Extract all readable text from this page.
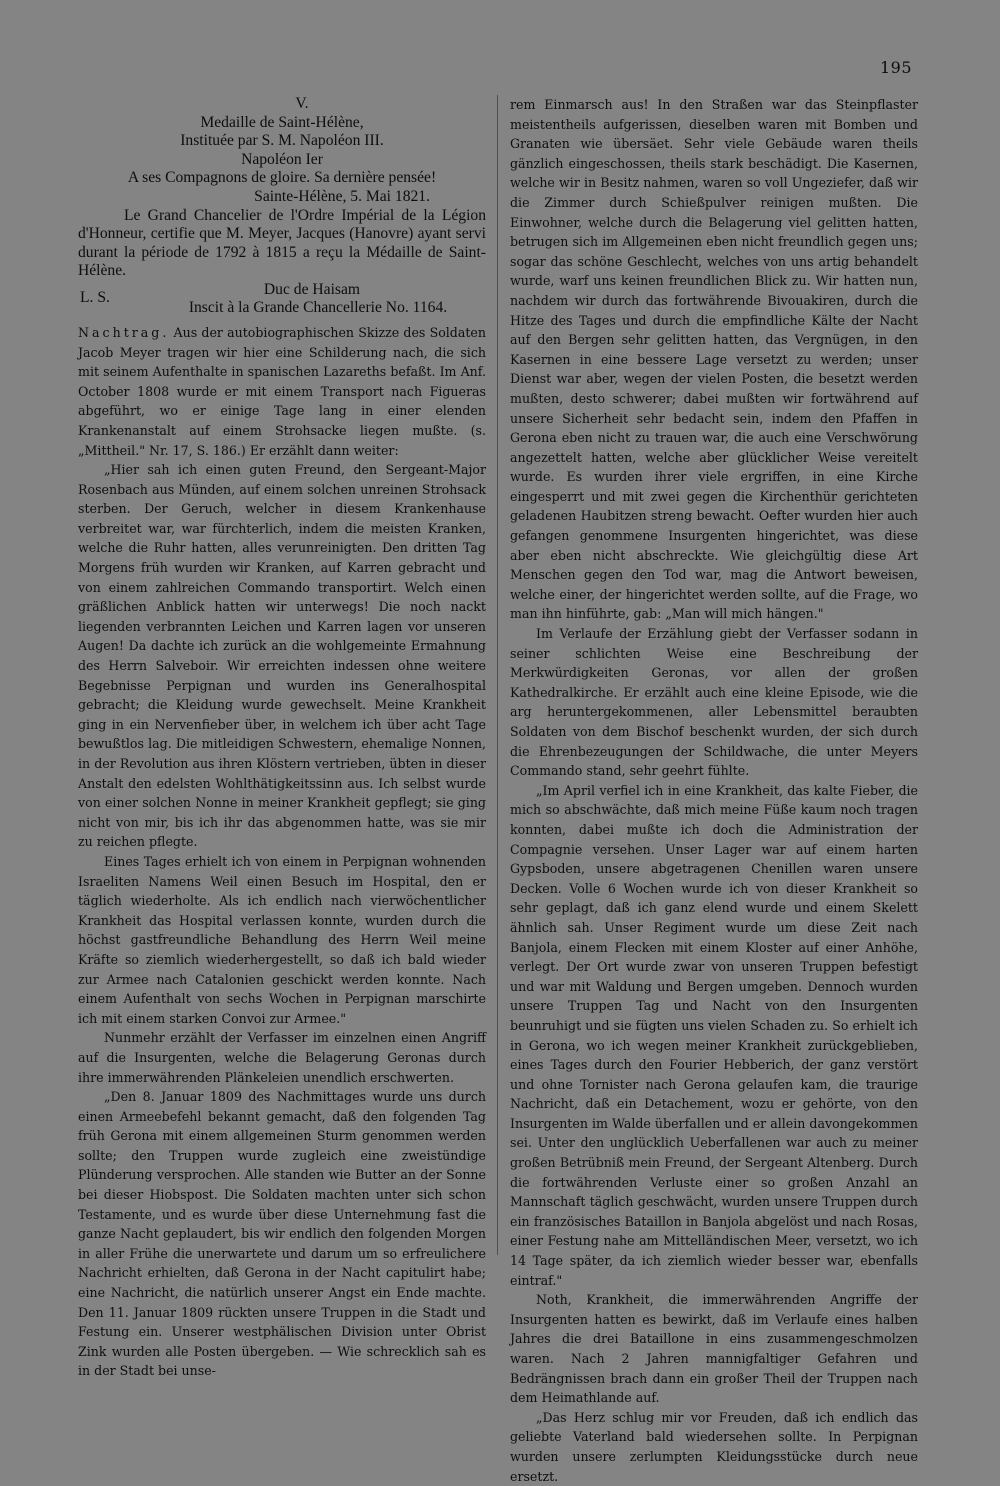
195
V.
Medaille de Saint-Hélène,
Instituée par S. M. Napoléon III.
Napoléon Ier
A ses Compagnons de gloire. Sa dernière pensée!
Sainte-Hélène, 5. Mai 1821.
Le Grand Chancelier de l'Ordre Impérial de la Légion d'Honneur, certifie que M. Meyer, Jacques (Hanovre) ayant servi durant la période de 1792 à 1815 a reçu la Médaille de Saint-Hélène.
L. S.	Duc de Haisam
Inscit à la Grande Chancellerie No. 1164.

Nachtrag. Aus der autobiographischen Skizze des Soldaten Jacob Meyer tragen wir hier eine Schilderung nach, die sich mit seinem Aufenthalte in spanischen Lazareths befaßt. Im Anf. October 1808 wurde er mit einem Transport nach Figueras abgeführt, wo er einige Tage lang in einer elenden Krankenanstalt auf einem Strohsacke liegen mußte. (s. „Mittheil." Nr. 17, S. 186.) Er erzählt dann weiter:

„Hier sah ich einen guten Freund, den Sergeant-Major Rosenbach aus Münden, auf einem solchen unreinen Strohsack sterben. Der Geruch, welcher in diesem Krankenhause verbreitet war, war fürchterlich, indem die meisten Kranken, welche die Ruhr hatten, alles verunreinigten. Den dritten Tag Morgens früh wurden wir Kranken, auf Karren gebracht und von einem zahlreichen Commando transportirt. Welch einen gräßlichen Anblick hatten wir unterwegs! Die noch nackt liegenden verbrannten Leichen und Karren lagen vor unseren Augen! Da dachte ich zurück an die wohlgemeinte Ermahnung des Herrn Salveboir. Wir erreichten indessen ohne weitere Begebnisse Perpignan und wurden ins Generalhospital gebracht; die Kleidung wurde gewechselt. Meine Krankheit ging in ein Nervenfieber über, in welchem ich über acht Tage bewußtlos lag. Die mitleidigen Schwestern, ehemalige Nonnen, in der Revolution aus ihren Klöstern vertrieben, übten in dieser Anstalt den edelsten Wohlthätigkeitssinn aus. Ich selbst wurde von einer solchen Nonne in meiner Krankheit gepflegt; sie ging nicht von mir, bis ich ihr das abgenommen hatte, was sie mir zu reichen pflegte.

Eines Tages erhielt ich von einem in Perpignan wohnenden Israeliten Namens Weil einen Besuch im Hospital, den er täglich wiederholte. Als ich endlich nach vierwöchentlicher Krankheit das Hospital verlassen konnte, wurden durch die höchst gastfreundliche Behandlung des Herrn Weil meine Kräfte so ziemlich wiederhergestellt, so daß ich bald wieder zur Armee nach Catalonien geschickt werden konnte. Nach einem Aufenthalt von sechs Wochen in Perpignan marschirte ich mit einem starken Convoi zur Armee."

Nunmehr erzählt der Verfasser im einzelnen einen Angriff auf die Insurgenten, welche die Belagerung Geronas durch ihre immerwährenden Plänkeleien unendlich erschwerten.

„Den 8. Januar 1809 des Nachmittages wurde uns durch einen Armeebefehl bekannt gemacht, daß den folgenden Tag früh Gerona mit einem allgemeinen Sturm genommen werden sollte; den Truppen wurde zugleich eine zweistündige Plünderung versprochen. Alle standen wie Butter an der Sonne bei dieser Hiobspost. Die Soldaten machten unter sich schon Testamente, und es wurde über diese Unternehmung fast die ganze Nacht geplaudert, bis wir endlich den folgenden Morgen in aller Frühe die unerwartete und darum um so erfreulichere Nachricht erhielten, daß Gerona in der Nacht capitulirt habe; eine Nachricht, die natürlich unserer Angst ein Ende machte. Den 11. Januar 1809 rückten unsere Truppen in die Stadt und Festung ein. Unserer westphälischen Division unter Obrist Zink wurden alle Posten übergeben. — Wie schrecklich sah es in der Stadt bei unse-

rem Einmarsch aus! In den Straßen war das Steinpflaster meistentheils aufgerissen, dieselben waren mit Bomben und Granaten wie übersäet. Sehr viele Gebäude waren theils gänzlich eingeschossen, theils stark beschädigt. Die Kasernen, welche wir in Besitz nahmen, waren so voll Ungeziefer, daß wir die Zimmer durch Schießpulver reinigen mußten. Die Einwohner, welche durch die Belagerung viel gelitten hatten, betrugen sich im Allgemeinen eben nicht freundlich gegen uns; sogar das schöne Geschlecht, welches von uns artig behandelt wurde, warf uns keinen freundlichen Blick zu. Wir hatten nun, nachdem wir durch das fortwährende Bivouakiren, durch die Hitze des Tages und durch die empfindliche Kälte der Nacht auf den Bergen sehr gelitten hatten, das Vergnügen, in den Kasernen in eine bessere Lage versetzt zu werden; unser Dienst war aber, wegen der vielen Posten, die besetzt werden mußten, desto schwerer; dabei mußten wir fortwährend auf unsere Sicherheit sehr bedacht sein, indem den Pfaffen in Gerona eben nicht zu trauen war, die auch eine Verschwörung angezettelt hatten, welche aber glücklicher Weise vereitelt wurde. Es wurden ihrer viele ergriffen, in eine Kirche eingesperrt und mit zwei gegen die Kirchenthür gerichteten geladenen Haubitzen streng bewacht. Oefter wurden hier auch gefangen genommene Insurgenten hingerichtet, was diese aber eben nicht abschreckte. Wie gleichgültig diese Art Menschen gegen den Tod war, mag die Antwort beweisen, welche einer, der hingerichtet werden sollte, auf die Frage, wo man ihn hinführte, gab: „Man will mich hängen."

Im Verlaufe der Erzählung giebt der Verfasser sodann in seiner schlichten Weise eine Beschreibung der Merkwürdigkeiten Geronas, vor allen der großen Kathedralkirche. Er erzählt auch eine kleine Episode, wie die arg heruntergekommenen, aller Lebensmittel beraubten Soldaten von dem Bischof beschenkt wurden, der sich durch die Ehrenbezeugungen der Schildwache, die unter Meyers Commando stand, sehr geehrt fühlte.

„Im April verfiel ich in eine Krankheit, das kalte Fieber, die mich so abschwächte, daß mich meine Füße kaum noch tragen konnten, dabei mußte ich doch die Administration der Compagnie versehen. Unser Lager war auf einem harten Gypsboden, unsere abgetragenen Chenillen waren unsere Decken. Volle 6 Wochen wurde ich von dieser Krankheit so sehr geplagt, daß ich ganz elend wurde und einem Skelett ähnlich sah. Unser Regiment wurde um diese Zeit nach Banjola, einem Flecken mit einem Kloster auf einer Anhöhe, verlegt. Der Ort wurde zwar von unseren Truppen befestigt und war mit Waldung und Bergen umgeben. Dennoch wurden unsere Truppen Tag und Nacht von den Insurgenten beunruhigt und sie fügten uns vielen Schaden zu. So erhielt ich in Gerona, wo ich wegen meiner Krankheit zurückgeblieben, eines Tages durch den Fourier Hebberich, der ganz verstört und ohne Tornister nach Gerona gelaufen kam, die traurige Nachricht, daß ein Detachement, wozu er gehörte, von den Insurgenten im Walde überfallen und er allein davongekommen sei. Unter den unglücklich Ueberfallenen war auch zu meiner großen Betrübniß mein Freund, der Sergeant Altenberg. Durch die fortwährenden Verluste einer so großen Anzahl an Mannschaft täglich geschwächt, wurden unsere Truppen durch ein französisches Bataillon in Banjola abgelöst und nach Rosas, einer Festung nahe am Mittelländischen Meer, versetzt, wo ich 14 Tage später, da ich ziemlich wieder besser war, ebenfalls eintraf."

Noth, Krankheit, die immerwährenden Angriffe der Insurgenten hatten es bewirkt, daß im Verlaufe eines halben Jahres die drei Bataillone in eins zusammengeschmolzen waren. Nach 2 Jahren mannigfaltiger Gefahren und Bedrängnissen brach dann ein großer Theil der Truppen nach dem Heimathlande auf.

„Das Herz schlug mir vor Freuden, daß ich endlich das geliebte Vaterland bald wiedersehen sollte. In Perpignan wurden unsere zerlumpten Kleidungsstücke durch neue ersetzt.
